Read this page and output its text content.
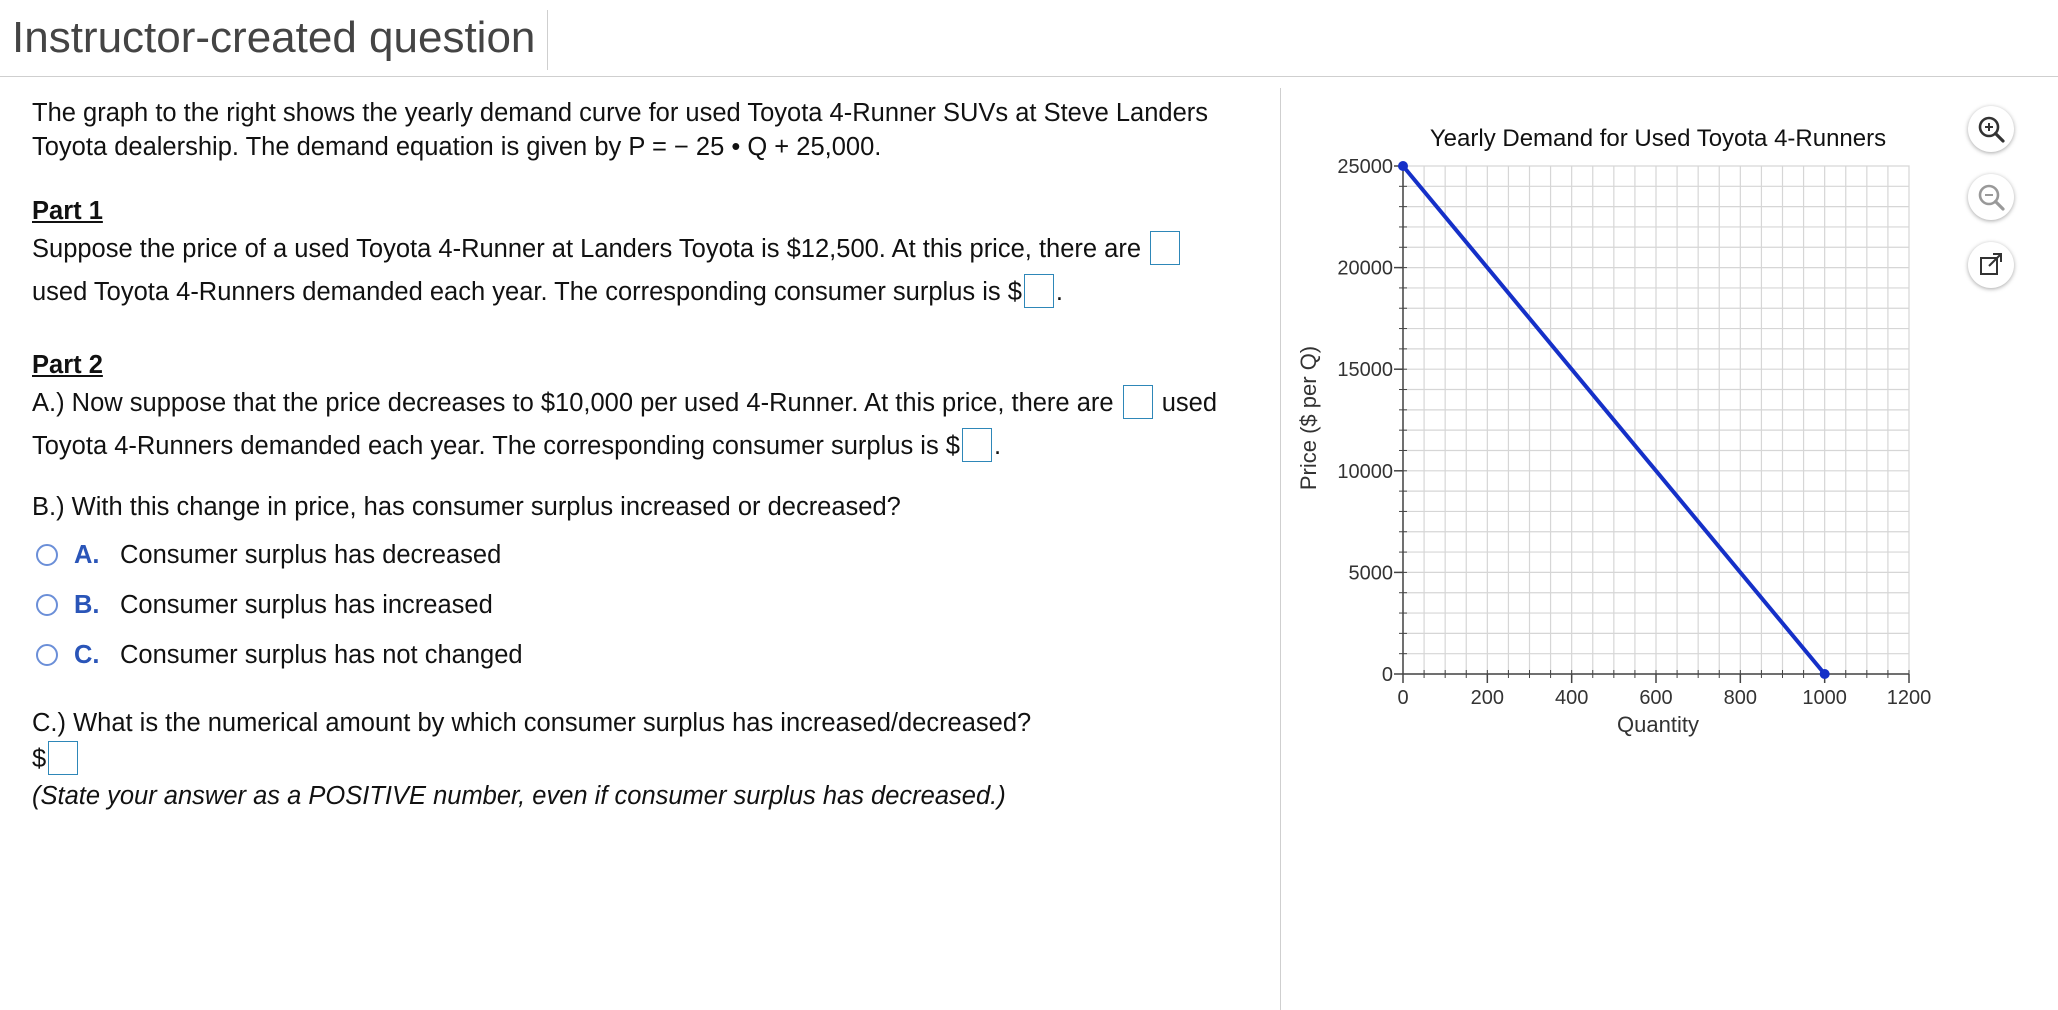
Instructor-created question

The graph to the right shows the yearly demand curve for used Toyota 4-Runner SUVs at Steve Landers
Toyota dealership. The demand equation is given by P = − 25 • Q + 25,000.

Part 1
Suppose the price of a used Toyota 4-Runner at Landers Toyota is $12,500. At this price, there are
used Toyota 4-Runners demanded each year. The corresponding consumer surplus is $ .
Part 2
A.) Now suppose that the price decreases to $10,000 per used 4-Runner. At this price, there are used
Toyota 4-Runners demanded each year. The corresponding consumer surplus is $ .
B.) With this change in price, has consumer surplus increased or decreased?
A. Consumer surplus has decreased
B. Consumer surplus has increased
C. Consumer surplus has not changed
C.) What is the numerical amount by which consumer surplus has increased/decreased?
$
(State your answer as a POSITIVE number, even if consumer surplus has decreased.)
0	200	400	600	800 1000 1200
0
5000
10000
15000
20000
25000
Yearly Demand for Used Toyota 4-Runners
Quantity
Price ($ per Q)
